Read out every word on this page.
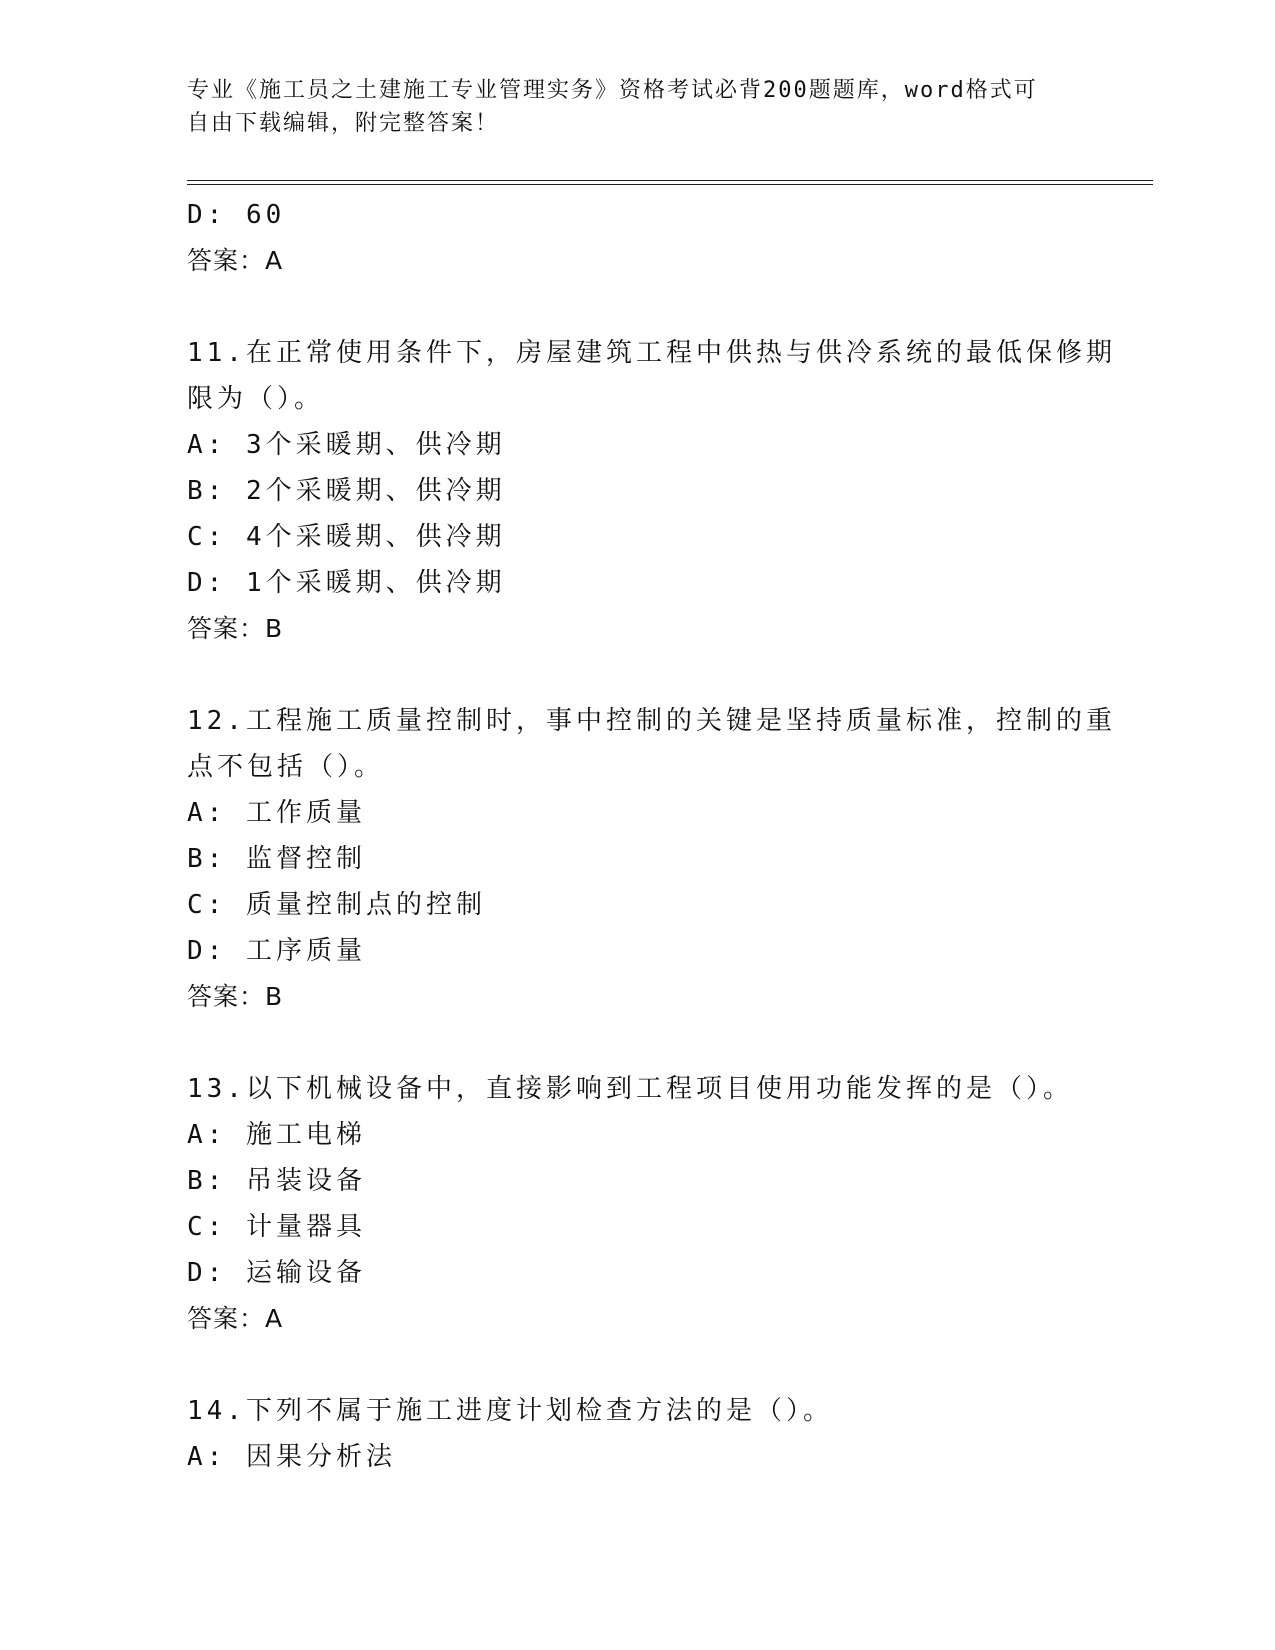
专业《施工员之土建施工专业管理实务》资格考试必背200题题库，word格式可
自由下载编辑，附完整答案！
D: 60
答案：A
11.在正常使用条件下，房屋建筑工程中供热与供冷系统的最低保修期
限为（）。
A: 3个采暖期、供冷期
B: 2个采暖期、供冷期
C: 4个采暖期、供冷期
D: 1个采暖期、供冷期
答案：B
12.工程施工质量控制时，事中控制的关键是坚持质量标准，控制的重
点不包括（）。
A: 工作质量
B: 监督控制
C: 质量控制点的控制
D: 工序质量
答案：B
13.以下机械设备中，直接影响到工程项目使用功能发挥的是（）。
A: 施工电梯
B: 吊装设备
C: 计量器具
D: 运输设备
答案：A
14.下列不属于施工进度计划检查方法的是（）。
A: 因果分析法
